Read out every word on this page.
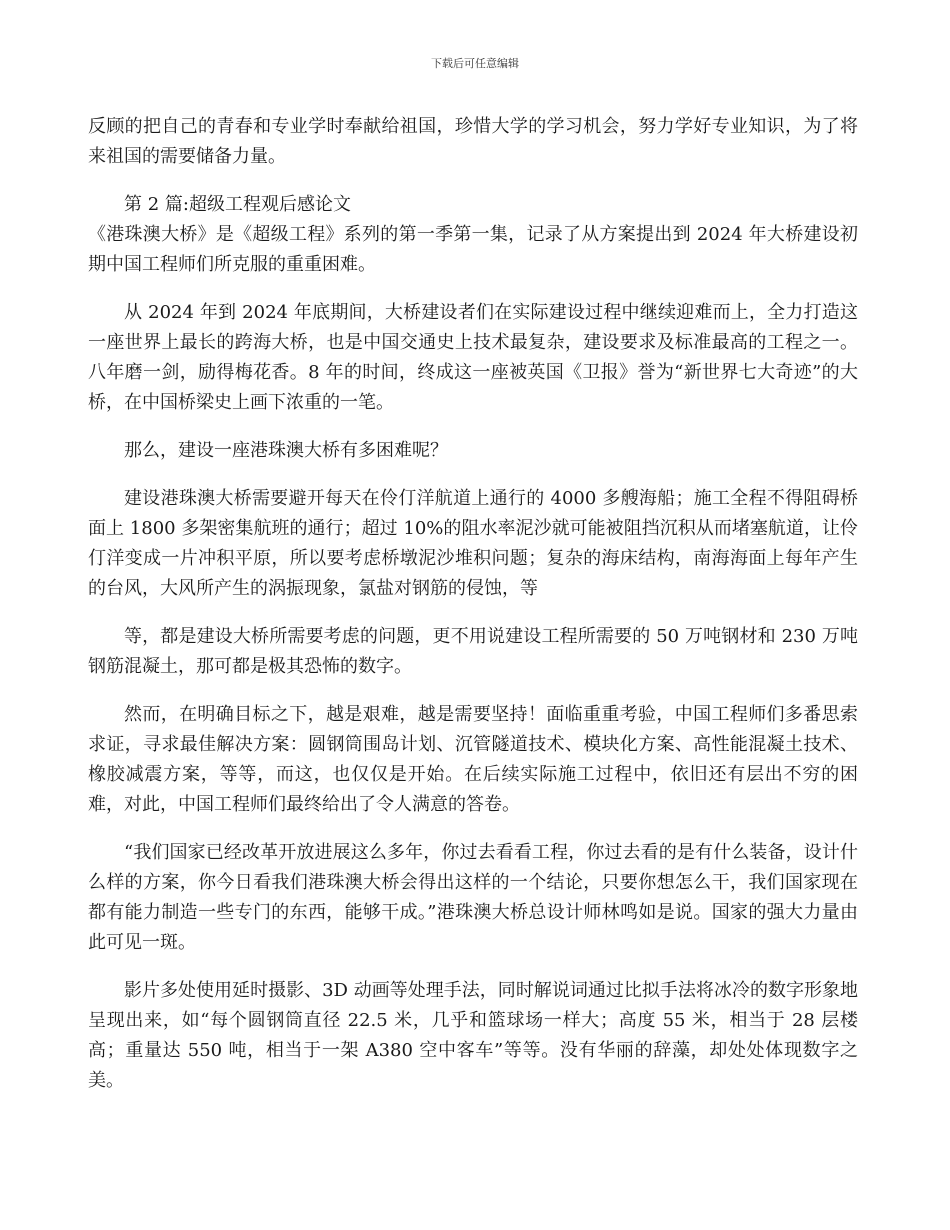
下载后可任意编辑

反顾的把自己的青春和专业学时奉献给祖国，珍惜大学的学习机会，努力学好专业知识，为了将来祖国的需要储备力量。

第 2 篇:超级工程观后感论文

《港珠澳大桥》是《超级工程》系列的第一季第一集，记录了从方案提出到 2024 年大桥建设初期中国工程师们所克服的重重困难。

从 2024 年到 2024 年底期间，大桥建设者们在实际建设过程中继续迎难而上，全力打造这一座世界上最长的跨海大桥，也是中国交通史上技术最复杂，建设要求及标准最高的工程之一。八年磨一剑，励得梅花香。8 年的时间，终成这一座被英国《卫报》誉为“新世界七大奇迹”的大桥，在中国桥梁史上画下浓重的一笔。

那么，建设一座港珠澳大桥有多困难呢？

建设港珠澳大桥需要避开每天在伶仃洋航道上通行的 4000 多艘海船；施工全程不得阻碍桥面上 1800 多架密集航班的通行；超过 10%的阻水率泥沙就可能被阻挡沉积从而堵塞航道，让伶仃洋变成一片冲积平原，所以要考虑桥墩泥沙堆积问题；复杂的海床结构，南海海面上每年产生的台风，大风所产生的涡振现象，氯盐对钢筋的侵蚀，等

等，都是建设大桥所需要考虑的问题，更不用说建设工程所需要的 50 万吨钢材和 230 万吨钢筋混凝土，那可都是极其恐怖的数字。

然而，在明确目标之下，越是艰难，越是需要坚持！面临重重考验，中国工程师们多番思索求证，寻求最佳解决方案：圆钢筒围岛计划、沉管隧道技术、模块化方案、高性能混凝土技术、橡胶减震方案，等等，而这，也仅仅是开始。在后续实际施工过程中，依旧还有层出不穷的困难，对此，中国工程师们最终给出了令人满意的答卷。

“我们国家已经改革开放进展这么多年，你过去看看工程，你过去看的是有什么装备，设计什么样的方案，你今日看我们港珠澳大桥会得出这样的一个结论，只要你想怎么干，我们国家现在都有能力制造一些专门的东西，能够干成。”港珠澳大桥总设计师林鸣如是说。国家的强大力量由此可见一斑。

影片多处使用延时摄影、3D 动画等处理手法，同时解说词通过比拟手法将冰冷的数字形象地呈现出来，如“每个圆钢筒直径 22.5 米，几乎和篮球场一样大；高度 55 米，相当于 28 层楼高；重量达 550 吨，相当于一架 A380 空中客车”等等。没有华丽的辞藻，却处处体现数字之美。
